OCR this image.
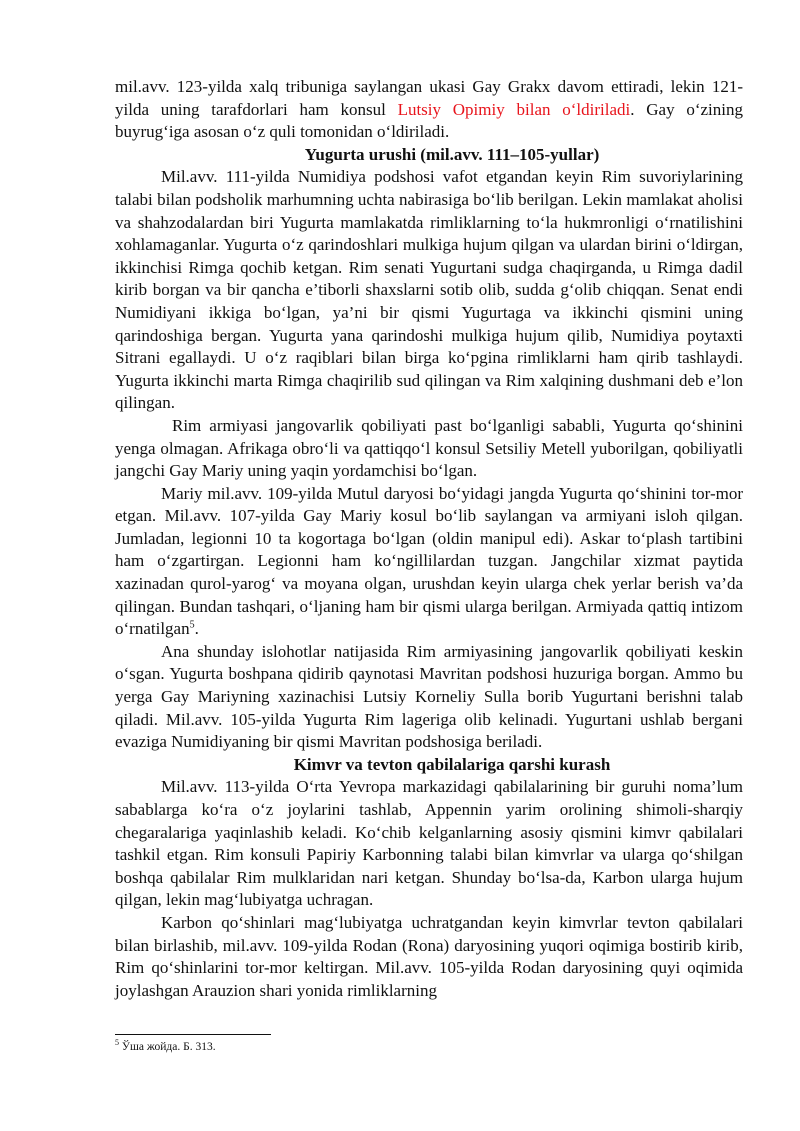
mil.avv. 123-yilda xalq tribuniga saylangan ukasi Gay Grakx davom ettiradi, lekin 121-yilda uning tarafdorlari ham konsul Lutsiy Opimiy bilan o‘ldiriladi. Gay o‘zining buyrug‘iga asosan o‘z quli tomonidan o‘ldiriladi.

Yugurta urushi (mil.avv. 111–105-yullar)

Mil.avv. 111-yilda Numidiya podshosi vafot etgandan keyin Rim suvoriylarining talabi bilan podsholik marhumning uchta nabirasiga bo‘lib berilgan. Lekin mamlakat aholisi va shahzodalardan biri Yugurta mamlakatda rimliklarning to‘la hukmronligi o‘rnatilishini xohlamaganlar. Yugurta o‘z qarindoshlari mulkiga hujum qilgan va ulardan birini o‘ldirgan, ikkinchisi Rimga qochib ketgan. Rim senati Yugurtani sudga chaqirganda, u Rimga dadil kirib borgan va bir qancha e’tiborli shaxslarni sotib olib, sudda g‘olib chiqqan. Senat endi Numidiyani ikkiga bo‘lgan, ya’ni bir qismi Yugurtaga va ikkinchi qismini uning qarindoshiga bergan. Yugurta yana qarindoshi mulkiga hujum qilib, Numidiya poytaxti Sitrani egallaydi. U o‘z raqiblari bilan birga ko‘pgina rimliklarni ham qirib tashlaydi. Yugurta ikkinchi marta Rimga chaqirilib sud qilingan va Rim xalqining dushmani deb e’lon qilingan.

Rim armiyasi jangovarlik qobiliyati past bo‘lganligi sababli, Yugurta qo‘shinini yenga olmagan. Afrikaga obro‘li va qattiqqo‘l konsul Setsiliy Metell yuborilgan, qobiliyatli jangchi Gay Mariy uning yaqin yordamchisi bo‘lgan.

Mariy mil.avv. 109-yilda Mutul daryosi bo‘yidagi jangda Yugurta qo‘shinini tor-mor etgan. Mil.avv. 107-yilda Gay Mariy kosul bo‘lib saylangan va armiyani isloh qilgan. Jumladan, legionni 10 ta kogortaga bo‘lgan (oldin manipul edi). Askar to‘plash tartibini ham o‘zgartirgan. Legionni ham ko‘ngillilardan tuzgan. Jangchilar xizmat paytida xazinadan qurol-yarog‘ va moyana olgan, urushdan keyin ularga chek yerlar berish va’da qilingan. Bundan tashqari, o‘ljaning ham bir qismi ularga berilgan. Armiyada qattiq intizom o‘rnatilgan$^5$.

Ana shunday islohotlar natijasida Rim armiyasining jangovarlik qobiliyati keskin o‘sgan. Yugurta boshpana qidirib qaynotasi Mavritan podshosi huzuriga borgan. Ammo bu yerga Gay Mariyning xazinachisi Lutsiy Korneliy Sulla borib Yugurtani berishni talab qiladi. Mil.avv. 105-yilda Yugurta Rim lageriga olib kelinadi. Yugurtani ushlab bergani evaziga Numidiyaning bir qismi Mavritan podshosiga beriladi.

Kimvr va tevton qabilalariga qarshi kurash

Mil.avv. 113-yilda O‘rta Yevropa markazidagi qabilalarining bir guruhi noma’lum sabablarga ko‘ra o‘z joylarini tashlab, Appennin yarim orolining shimoli-sharqiy chegaralariga yaqinlashib keladi. Ko‘chib kelganlarning asosiy qismini kimvr qabilalari tashkil etgan. Rim konsuli Papiriy Karbonning talabi bilan kimvrlar va ularga qo‘shilgan boshqa qabilalar Rim mulklaridan nari ketgan. Shunday bo‘lsa-da, Karbon ularga hujum qilgan, lekin mag‘lubiyatga uchragan.

Karbon qo‘shinlari mag‘lubiyatga uchratgandan keyin kimvrlar tevton qabilalari bilan birlashib, mil.avv. 109-yilda Rodan (Rona) daryosining yuqori oqimiga bostirib kirib, Rim qo‘shinlarini tor-mor keltirgan. Mil.avv. 105-yilda Rodan daryosining quyi oqimida joylashgan Arauzion shari yonida rimliklarning

$^5$ Ўша жойда. Б. 313.
